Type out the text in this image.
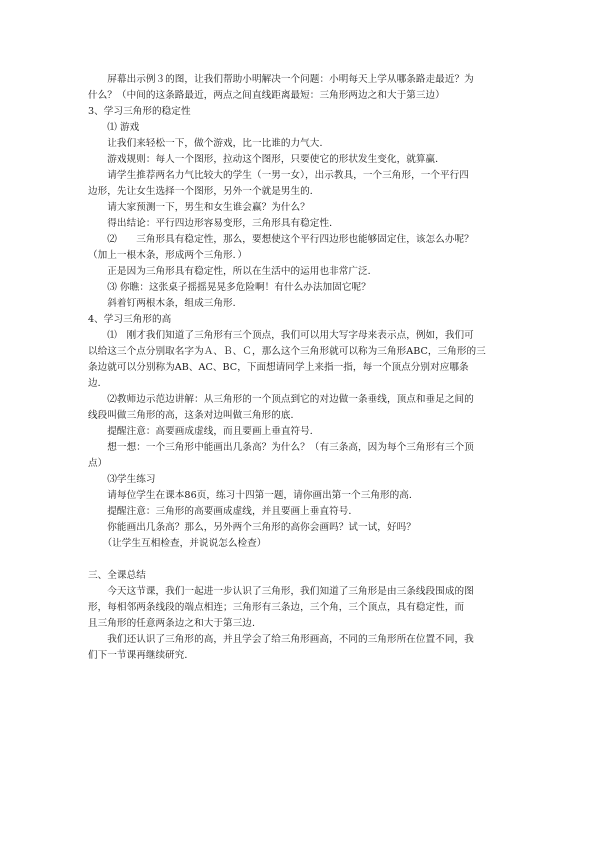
　　屏幕出示例３的图，让我们帮助小明解决一个问题：小明每天上学从哪条路走最近？为
什么？（中间的这条路最近，两点之间直线距离最短：三角形两边之和大于第三边）
3、学习三角形的稳定性
　　⑴ 游戏
　　让我们来轻松一下，做个游戏，比一比谁的力气大．
　　游戏规则：每人一个图形，拉动这个图形，只要使它的形状发生变化，就算赢．
　　请学生推荐两名力气比较大的学生（一男一女），出示教具，一个三角形，一个平行四
边形，先让女生选择一个图形，另外一个就是男生的．
　　请大家预测一下，男生和女生谁会赢？为什么？
　　得出结论：平行四边形容易变形，三角形具有稳定性．
　　⑵　　三角形具有稳定性，那么，要想使这个平行四边形也能够固定住，该怎么办呢？
（加上一根木条，形成两个三角形．）
　　正是因为三角形具有稳定性，所以在生活中的运用也非常广泛．
　　⑶ 你瞧：这张桌子摇摇晃晃多危险啊！有什么办法加固它呢？
　　斜着钉两根木条，组成三角形．
4、学习三角形的高
　　⑴　刚才我们知道了三角形有三个顶点，我们可以用大写字母来表示点，例如，我们可
以给这三个点分别取名字为Ａ、Ｂ、Ｃ，那么这个三角形就可以称为三角形ABC，三角形的三
条边就可以分别称为AB、AC、BC，下面想请同学上来指一指，每一个顶点分别对应哪条
边．
　　⑵教师边示范边讲解：从三角形的一个顶点到它的对边做一条垂线，顶点和垂足之间的
线段叫做三角形的高，这条对边叫做三角形的底．
　　提醒注意：高要画成虚线，而且要画上垂直符号．
　　想一想：一个三角形中能画出几条高？为什么？（有三条高，因为每个三角形有三个顶
点）
　　⑶学生练习
　　请每位学生在课本86页，练习十四第一题，请你画出第一个三角形的高．
　　提醒注意：三角形的高要画成虚线，并且要画上垂直符号．
　　你能画出几条高？那么，另外两个三角形的高你会画吗？试一试，好吗？
　　（让学生互相检查，并说说怎么检查）
三、全课总结
　　今天这节课，我们一起进一步认识了三角形，我们知道了三角形是由三条线段围成的图
形，每相邻两条线段的端点相连；三角形有三条边，三个角，三个顶点，具有稳定性，而
且三角形的任意两条边之和大于第三边．
　　我们还认识了三角形的高，并且学会了给三角形画高，不同的三角形所在位置不同，我
们下一节课再继续研究．
